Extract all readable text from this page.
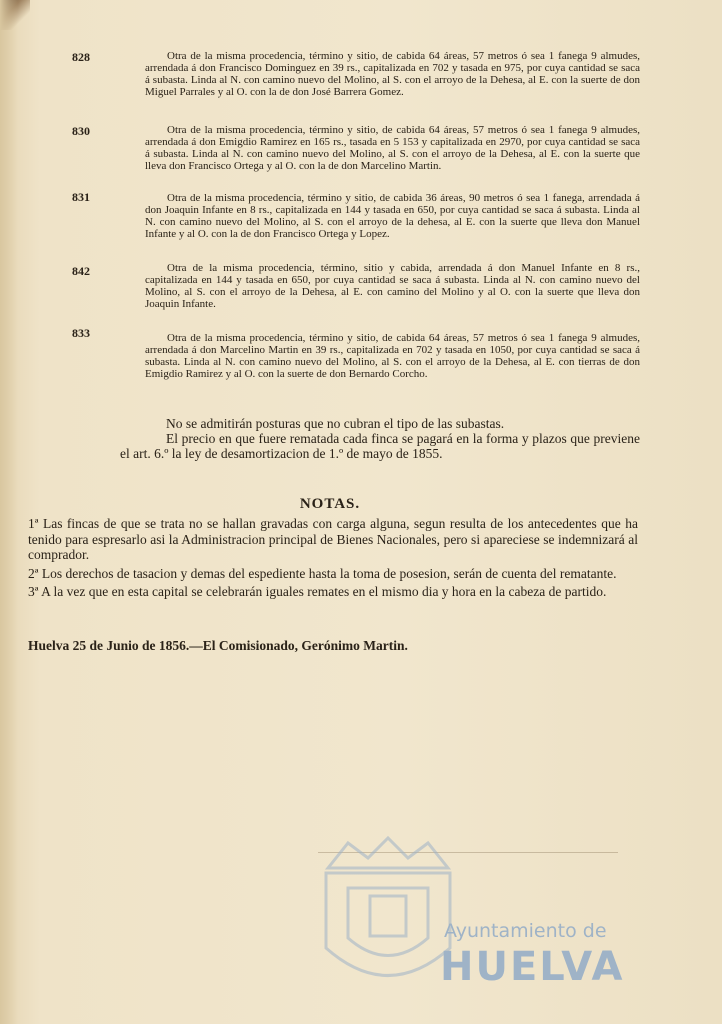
828	Otra de la misma procedencia, término y sitio, de cabida 64 áreas, 57 metros ó sea 1 fanega 9 almudes, arrendada á don Francisco Dominguez en 39 rs., capitalizada en 702 y tasada en 975, por cuya cantidad se saca á subasta. Linda al N. con camino nuevo del Molino, al S. con el arroyo de la Dehesa, al E. con la suerte de don Miguel Parrales y al O. con la de don José Barrera Gomez.
830	Otra de la misma procedencia, término y sitio, de cabida 64 áreas, 57 metros ó sea 1 fanega 9 almudes, arrendada á don Emigdio Ramirez en 165 rs., tasada en 5 153 y capitalizada en 2970, por cuya cantidad se saca á subasta. Linda al N. con camino nuevo del Molino, al S. con el arroyo de la Dehesa, al E. con la suerte que lleva don Francisco Ortega y al O. con la de don Marcelino Martin.
831	Otra de la misma procedencia, término y sitio, de cabida 36 áreas, 90 metros ó sea 1 fanega, arrendada á don Joaquin Infante en 8 rs., capitalizada en 144 y tasada en 650, por cuya cantidad se saca á subasta. Linda al N. con camino nuevo del Molino, al S. con el arroyo de la dehesa, al E. con la suerte que lleva don Manuel Infante y al O. con la de don Francisco Ortega y Lopez.
842	Otra de la misma procedencia, término, sitio y cabida, arrendada á don Manuel Infante en 8 rs., capitalizada en 144 y tasada en 650, por cuya cantidad se saca á subasta. Linda al N. con camino nuevo del Molino, al S. con el arroyo de la Dehesa, al E. con camino del Molino y al O. con la suerte que lleva don Joaquin Infante.
833	Otra de la misma procedencia, término y sitio, de cabida 64 áreas, 57 metros ó sea 1 fanega 9 almudes, arrendada á don Marcelino Martin en 39 rs., capitalizada en 702 y tasada en 1050, por cuya cantidad se saca á subasta. Linda al N. con camino nuevo del Molino, al S. con el arroyo de la Dehesa, al E. con tierras de don Emigdio Ramirez y al O. con la suerte de don Bernardo Corcho.

No se admitirán posturas que no cubran el tipo de las subastas.

El precio en que fuere rematada cada finca se pagará en la forma y plazos que previene el art. 6.º la ley de desamortizacion de 1.º de mayo de 1855.

NOTAS.

1ª Las fincas de que se trata no se hallan gravadas con carga alguna, segun resulta de los antecedentes que ha tenido para espresarlo asi la Administracion principal de Bienes Nacionales, pero si apareciese se indemnizará al comprador.

2ª Los derechos de tasacion y demas del espediente hasta la toma de posesion, serán de cuenta del rematante.

3ª A la vez que en esta capital se celebrarán iguales remates en el mismo dia y hora en la cabeza de partido.

Huelva 25 de Junio de 1856.—El Comisionado, Gerónimo Martin.
Ayuntamiento de
HUELVA
